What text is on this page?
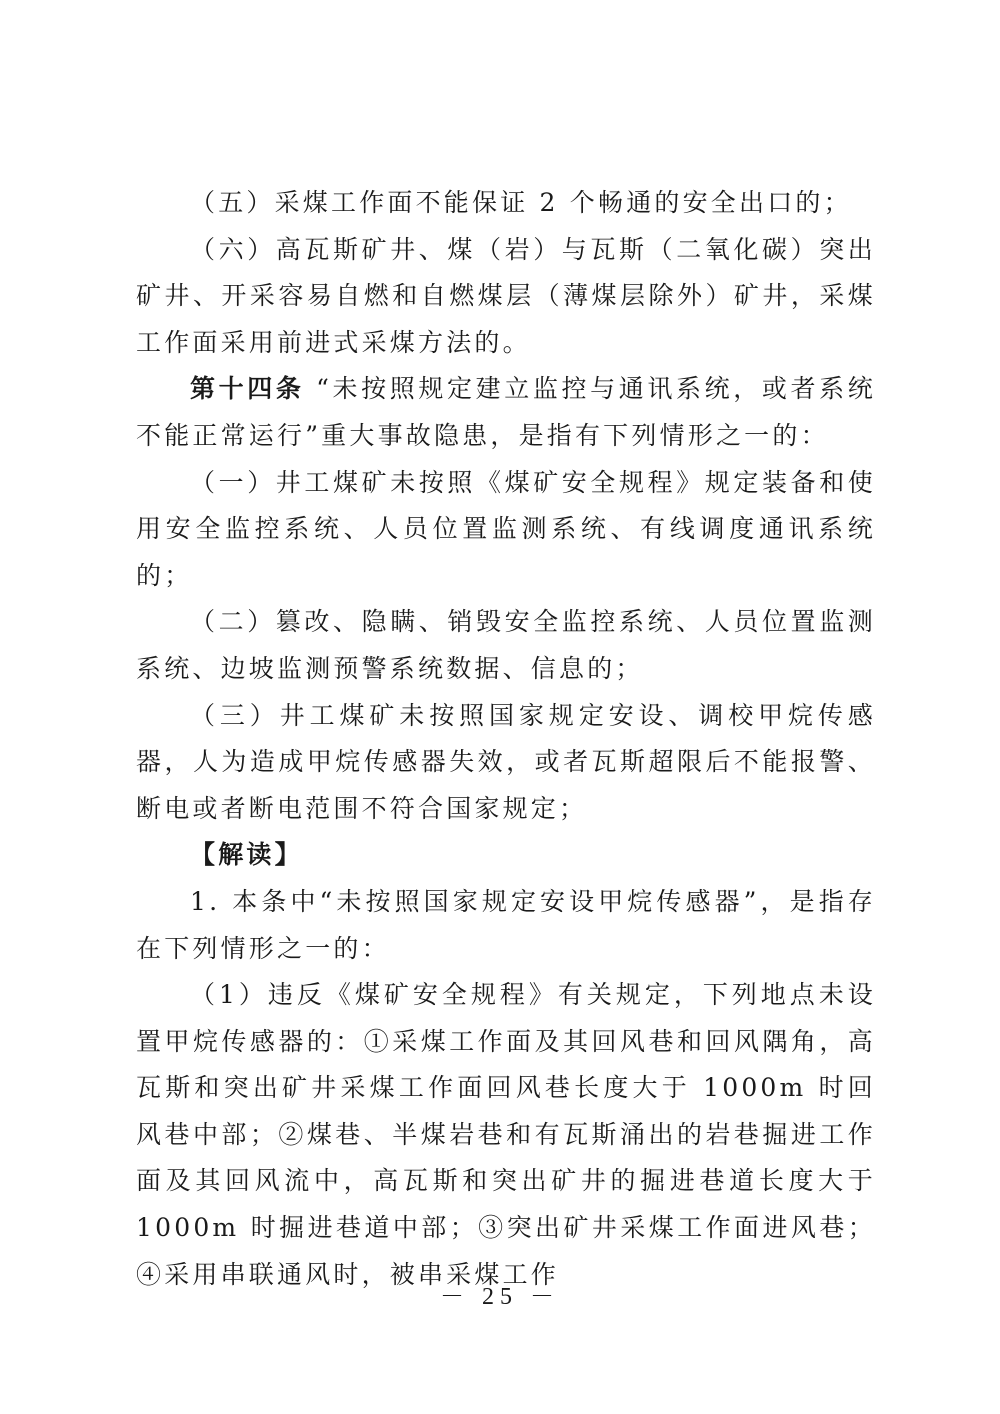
（五）采煤工作面不能保证 2 个畅通的安全出口的；

（六）高瓦斯矿井、煤（岩）与瓦斯（二氧化碳）突出矿井、开采容易自燃和自燃煤层（薄煤层除外）矿井，采煤工作面采用前进式采煤方法的。

第十四条 “未按照规定建立监控与通讯系统，或者系统不能正常运行”重大事故隐患，是指有下列情形之一的：

（一）井工煤矿未按照《煤矿安全规程》规定装备和使用安全监控系统、人员位置监测系统、有线调度通讯系统的；

（二）篡改、隐瞒、销毁安全监控系统、人员位置监测系统、边坡监测预警系统数据、信息的；

（三）井工煤矿未按照国家规定安设、调校甲烷传感器，人为造成甲烷传感器失效，或者瓦斯超限后不能报警、断电或者断电范围不符合国家规定；

【解读】

1. 本条中“未按照国家规定安设甲烷传感器”，是指存在下列情形之一的：

（1）违反《煤矿安全规程》有关规定，下列地点未设置甲烷传感器的：①采煤工作面及其回风巷和回风隅角，高瓦斯和突出矿井采煤工作面回风巷长度大于 1000m 时回风巷中部；②煤巷、半煤岩巷和有瓦斯涌出的岩巷掘进工作面及其回风流中，高瓦斯和突出矿井的掘进巷道长度大于 1000m 时掘进巷道中部；③突出矿井采煤工作面进风巷；④采用串联通风时，被串采煤工作

－ 25 －
